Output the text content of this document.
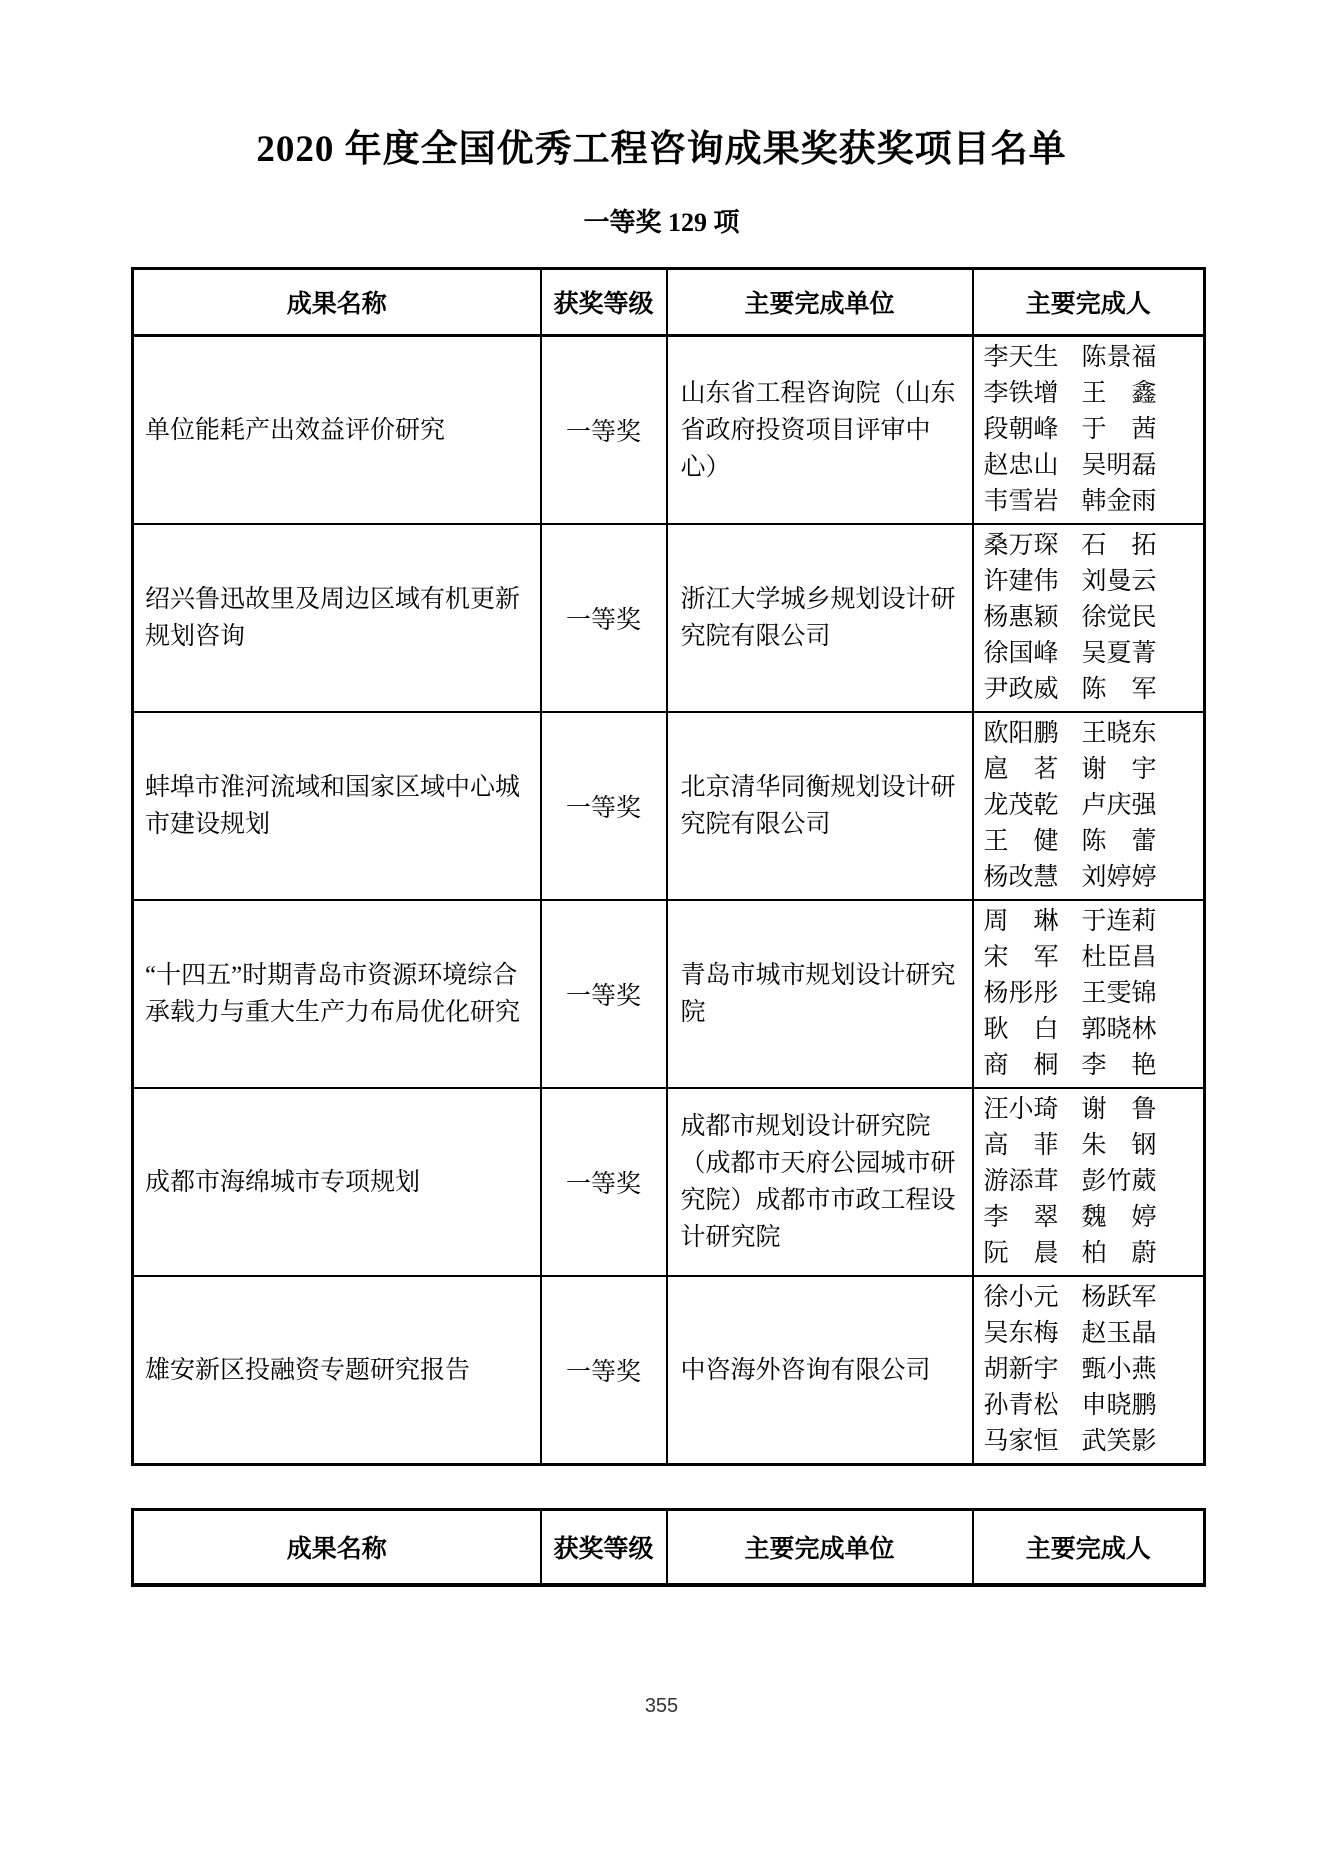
2020 年度全国优秀工程咨询成果奖获奖项目名单
一等奖 129 项
成果名称	获奖等级	主要完成单位	主要完成人
单位能耗产出效益评价研究	一等奖	山东省工程咨询院（山东省政府投资项目评审中心）	
李天生 陈景福
李铁增 王　鑫
段朝峰 于　茜
赵忠山 吴明磊
韦雪岩 韩金雨

绍兴鲁迅故里及周边区域有机更新规划咨询	一等奖	浙江大学城乡规划设计研究院有限公司	
桑万琛 石　拓
许建伟 刘曼云
杨惠颖 徐觉民
徐国峰 吴夏菁
尹政威 陈　军

蚌埠市淮河流域和国家区域中心城市建设规划	一等奖	北京清华同衡规划设计研究院有限公司	
欧阳鹏 王晓东
扈　茗 谢　宇
龙茂乾 卢庆强
王　健 陈　蕾
杨改慧 刘婷婷

“十四五”时期青岛市资源环境综合承载力与重大生产力布局优化研究	一等奖	青岛市城市规划设计研究院	
周　琳 于连莉
宋　军 杜臣昌
杨彤彤 王雯锦
耿　白 郭晓林
商　桐 李　艳

成都市海绵城市专项规划	一等奖	成都市规划设计研究院（成都市天府公园城市研究院）成都市市政工程设计研究院	
汪小琦 谢　鲁
高　菲 朱　钢
游添茸 彭竹葳
李　翠 魏　婷
阮　晨 柏　蔚

雄安新区投融资专题研究报告	一等奖	中咨海外咨询有限公司	
徐小元 杨跃军
吴东梅 赵玉晶
胡新宇 甄小燕
孙青松 申晓鹏
马家恒 武笑影
成果名称	获奖等级	主要完成单位	主要完成人
355
